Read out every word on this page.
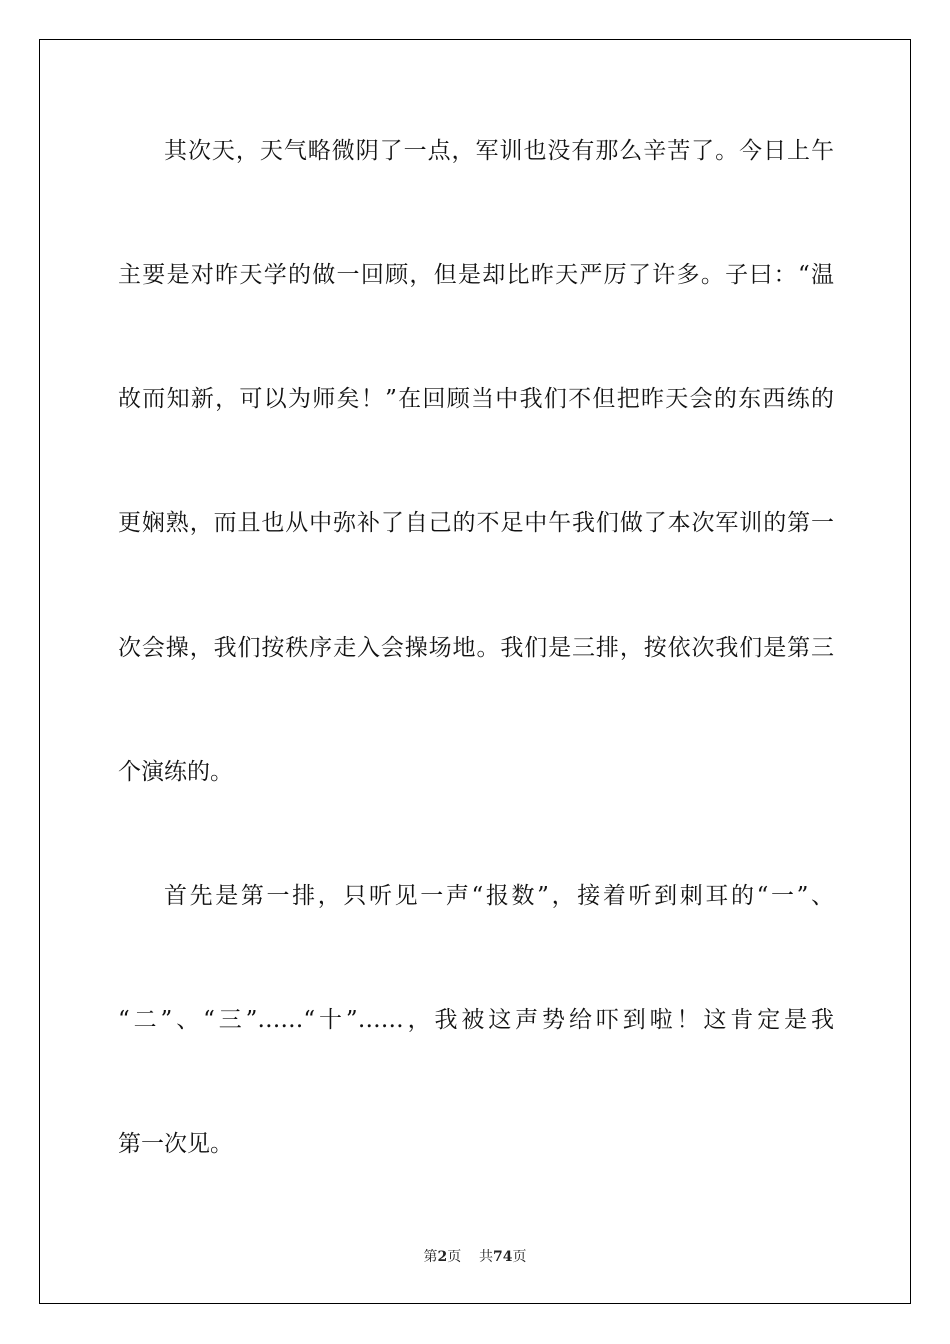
其次天，天气略微阴了一点，军训也没有那么辛苦了。今日上午
主要是对昨天学的做一回顾，但是却比昨天严厉了许多。子曰：“温
故而知新，可以为师矣！”在回顾当中我们不但把昨天会的东西练的
更娴熟，而且也从中弥补了自己的不足中午我们做了本次军训的第一
次会操，我们按秩序走入会操场地。我们是三排，按依次我们是第三
个演练的。
首先是第一排，只听见一声“报数”，接着听到刺耳的“一”、
“二”、“三”……“十”……，我被这声势给吓到啦！这肯定是我
第一次见。
第2页 共74页
